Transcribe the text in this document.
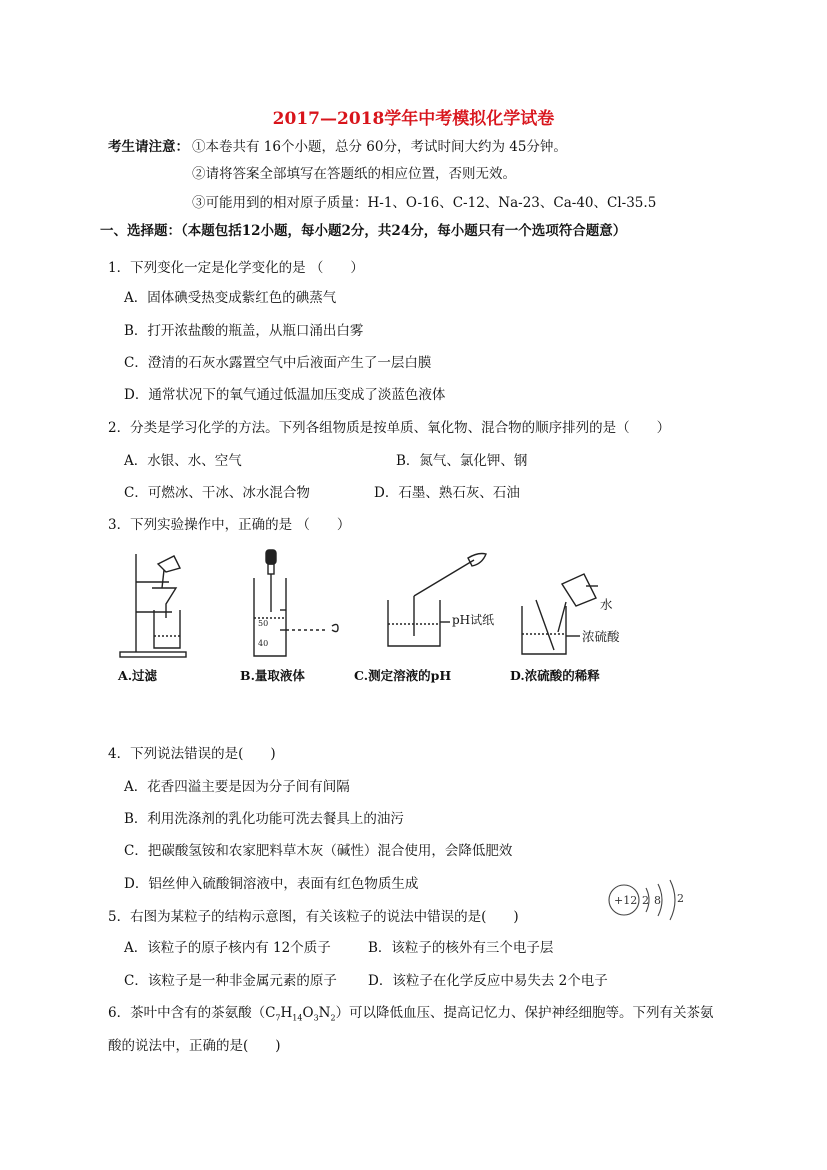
2017—2018学年中考模拟化学试卷
考生请注意： ①本卷共有 16个小题，总分 60分，考试时间大约为 45分钟。
②请将答案全部填写在答题纸的相应位置，否则无效。
③可能用到的相对原子质量：H-1、O-16、C-12、Na-23、Ca-40、Cl-35.5
一、选择题：（本题包括12小题，每小题2分，共24分，每小题只有一个选项符合题意）
1．下列变化一定是化学变化的是 （　　）
A．固体碘受热变成紫红色的碘蒸气
B．打开浓盐酸的瓶盖，从瓶口涌出白雾
C．澄清的石灰水露置空气中后液面产生了一层白膜
D．通常状况下的氧气通过低温加压变成了淡蓝色液体
2．分类是学习化学的方法。下列各组物质是按单质、氧化物、混合物的顺序排列的是（　　）
A．水银、水、空气	B．氮气、氯化钾、钢
C．可燃冰、干冰、冰水混合物	D．石墨、熟石灰、石油
3．下列实验操作中，正确的是 （　　）
A.过滤
50
40
B.量取液体
pH试纸
C.测定溶液的pH
水
浓硫酸
D.浓硫酸的稀释
4．下列说法错误的是(　　)
A．花香四溢主要是因为分子间有间隔
B．利用洗涤剂的乳化功能可洗去餐具上的油污
C．把碳酸氢铵和农家肥料草木灰（碱性）混合使用，会降低肥效
D．铝丝伸入硫酸铜溶液中，表面有红色物质生成
+12 2 8 2
5．右图为某粒子的结构示意图，有关该粒子的说法中错误的是(　　)
A．该粒子的原子核内有 12个质子	B．该粒子的核外有三个电子层
C．该粒子是一种非金属元素的原子 D．该粒子在化学反应中易失去 2个电子
6．茶叶中含有的茶氨酸$(C_7H_{14}O_3N_2)$可以降低血压、提高记忆力、保护神经细胞等。下列有关茶氨
酸的说法中，正确的是(　　)
